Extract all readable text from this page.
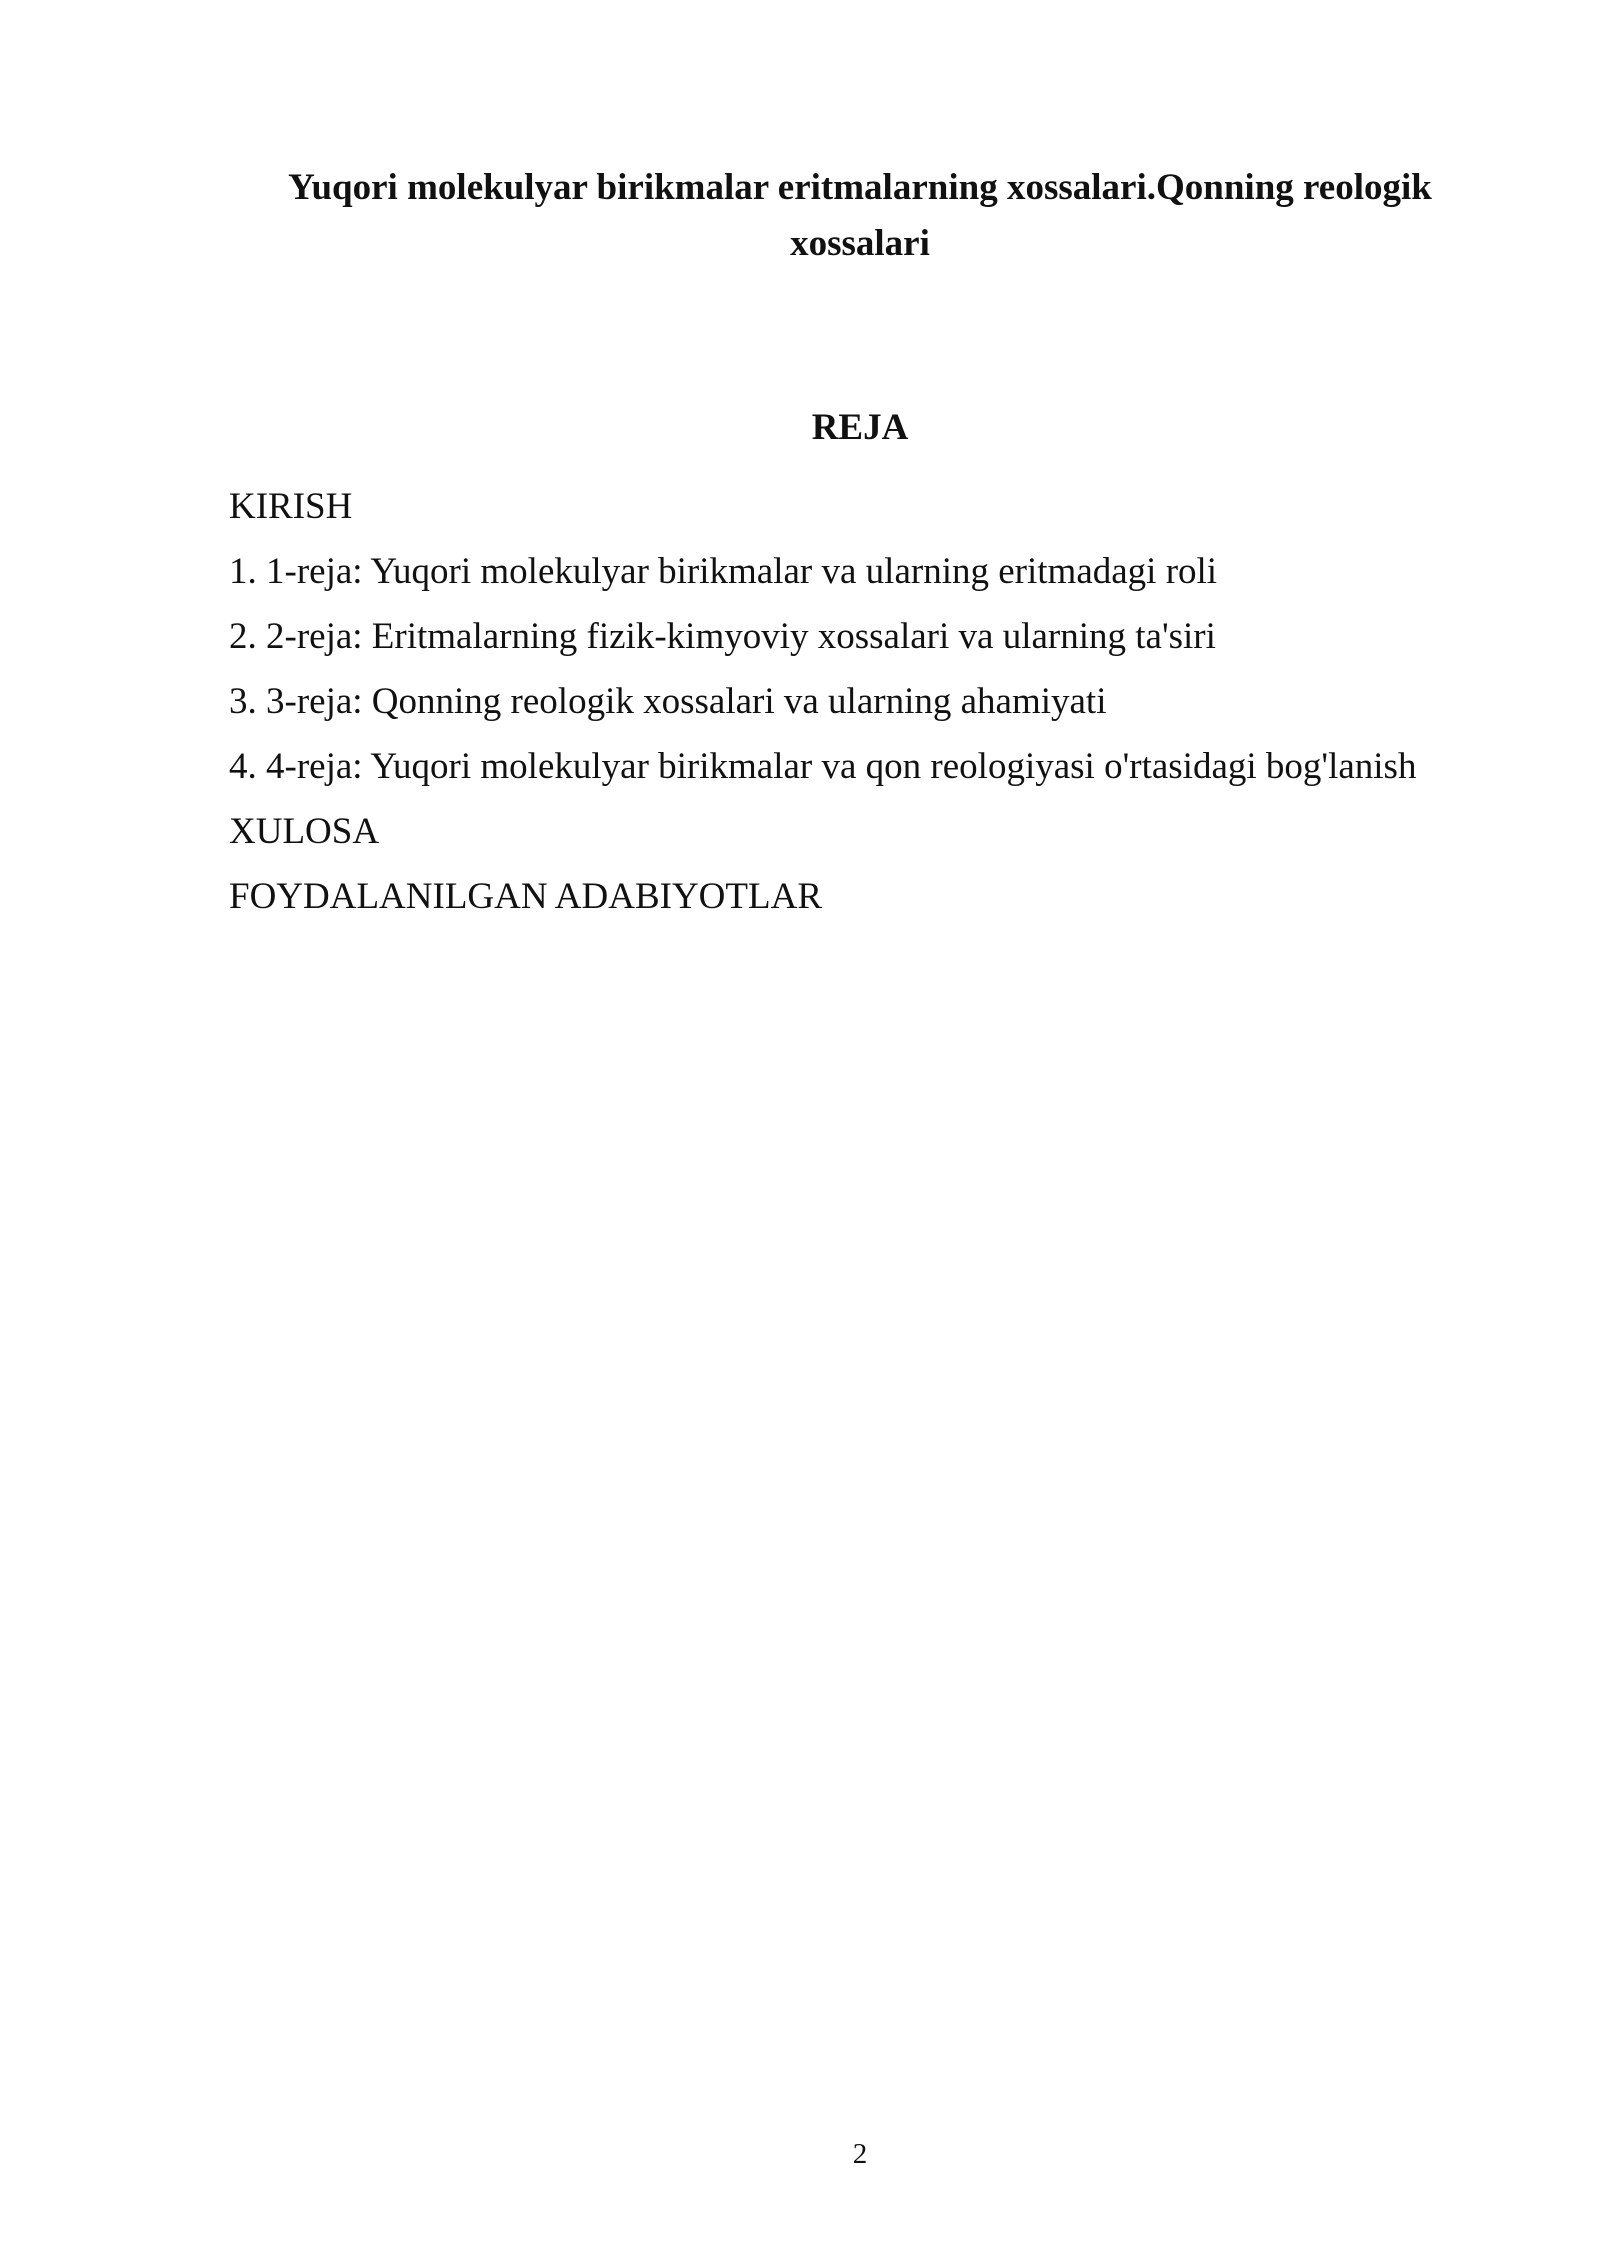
Yuqori molekulyar birikmalar eritmalarning xossalari.Qonning reologik xossalari
REJA
KIRISH
1. 1-reja: Yuqori molekulyar birikmalar va ularning eritmadagi roli
2. 2-reja: Eritmalarning fizik-kimyoviy xossalari va ularning ta'siri
3. 3-reja: Qonning reologik xossalari va ularning ahamiyati
4. 4-reja: Yuqori molekulyar birikmalar va qon reologiyasi o'rtasidagi bog'lanish
XULOSA
FOYDALANILGAN ADABIYOTLAR
2
